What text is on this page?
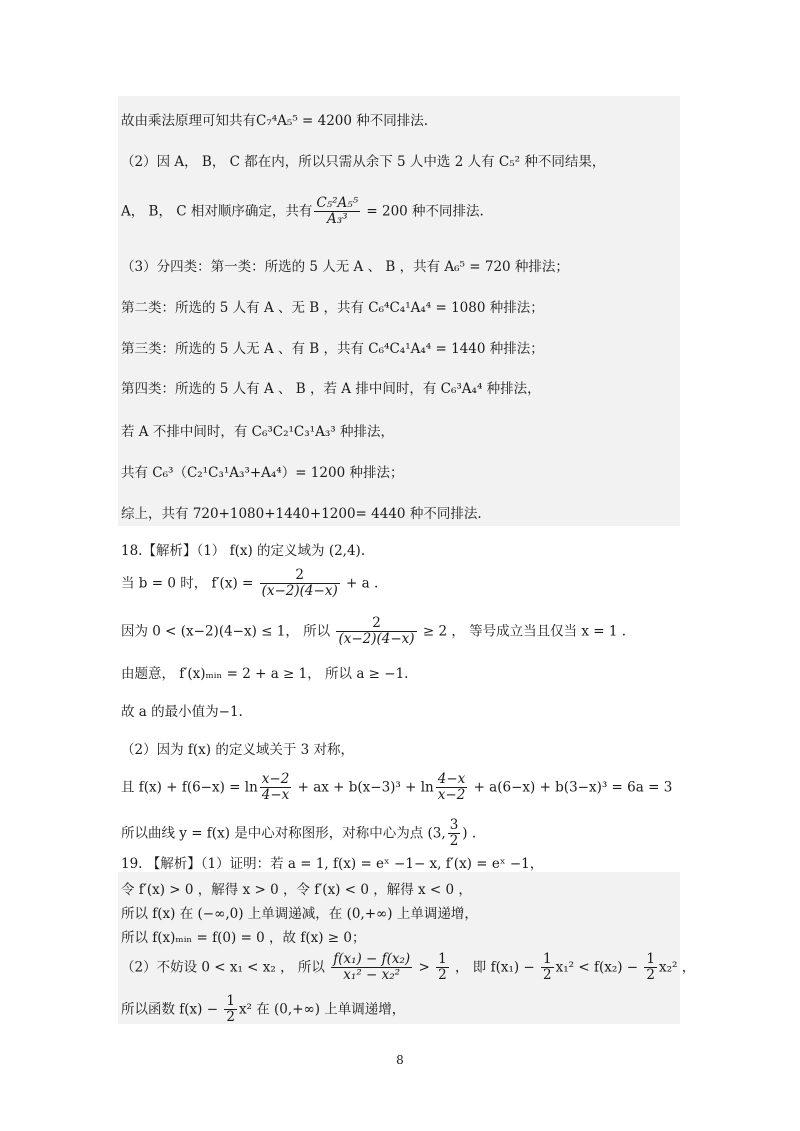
故由乘法原理可知共有C₇⁴A₅⁵ = 4200 种不同排法.
（2）因 A， B， C 都在内，所以只需从余下 5 人中选 2 人有 C₅² 种不同结果，
A， B， C 相对顺序确定，共有 $\frac{\text{C₅²A₅⁵}}{\text{A₃³}} = 200$ 种不同排法.
（3）分四类：第一类：所选的 5 人无 A 、 B ，共有 A₆⁵ = 720 种排法；
第二类：所选的 5 人有 A 、无 B ，共有 C₆⁴C₄¹A₄⁴ = 1080 种排法；
第三类：所选的 5 人无 A 、有 B ，共有 C₆⁴C₄¹A₄⁴ = 1440 种排法；
第四类：所选的 5 人有 A 、 B ，若 A 排中间时，有 C₆³A₄⁴ 种排法，
若 A 不排中间时，有 C₆³C₂¹C₃¹A₃³ 种排法，
共有 C₆³（C₂¹C₃¹A₃³+A₄⁴）= 1200 种排法；
综上，共有 720+1080+1440+1200= 4440 种不同排法.
18.【解析】（1） f(x) 的定义域为 (2,4).
当 b = 0 时， $f'(x) = \frac{2}{(x-2)(4-x)} + a$ .
因为 0 < (x−2)(4−x) ≤ 1， 所以 $\frac{2}{(x-2)(4-x)} \ge 2$ ， 等号成立当且仅当 x = 1 .
由题意， f′(x)ₘᵢₙ = 2 + a ≥ 1， 所以 a ≥ −1.
故 a 的最小值为−1.
（2）因为 f(x) 的定义域关于 3 对称，
且 $f(x) + f(6-x) = \ln \frac{x-2}{4-x}$ + ax + $b(x-3)^3 + \ln \frac{4-x}{x-2} + a(6-x) + b(3-x)^3 = 6a = 3$
所以曲线 y = f(x) 是中心对称图形，对称中心为点 (3, $\frac{3}{2}$ ) .
19. 【解析】（1）证明：若 a = 1, f(x) = eˣ −1− x, f′(x) = eˣ −1，
令 f′(x) > 0 ，解得 x > 0 ，令 f′(x) < 0 ，解得 x < 0 ，
所以 f(x) 在 (−∞,0) 上单调递减，在 (0,+∞) 上单调递增，
所以 f(x)ₘᵢₙ = f(0) = 0 ，故 f(x) ≥ 0；
（2）不妨设 0 < x₁ < x₂ ， 所以 $\frac{\text{f(x₁) − f(x₂)}}{\text{x₁² − x₂²}} > \frac{1}{2}$ ， 即 $f(x_1) - \frac{1}{2} x_1^2 < f(x_2) - \frac{1}{2} x_2^2$ ，
所以函数 $f(x) - \frac{1}{2} x^2$ 在 (0,+∞) 上单调递增，
8
